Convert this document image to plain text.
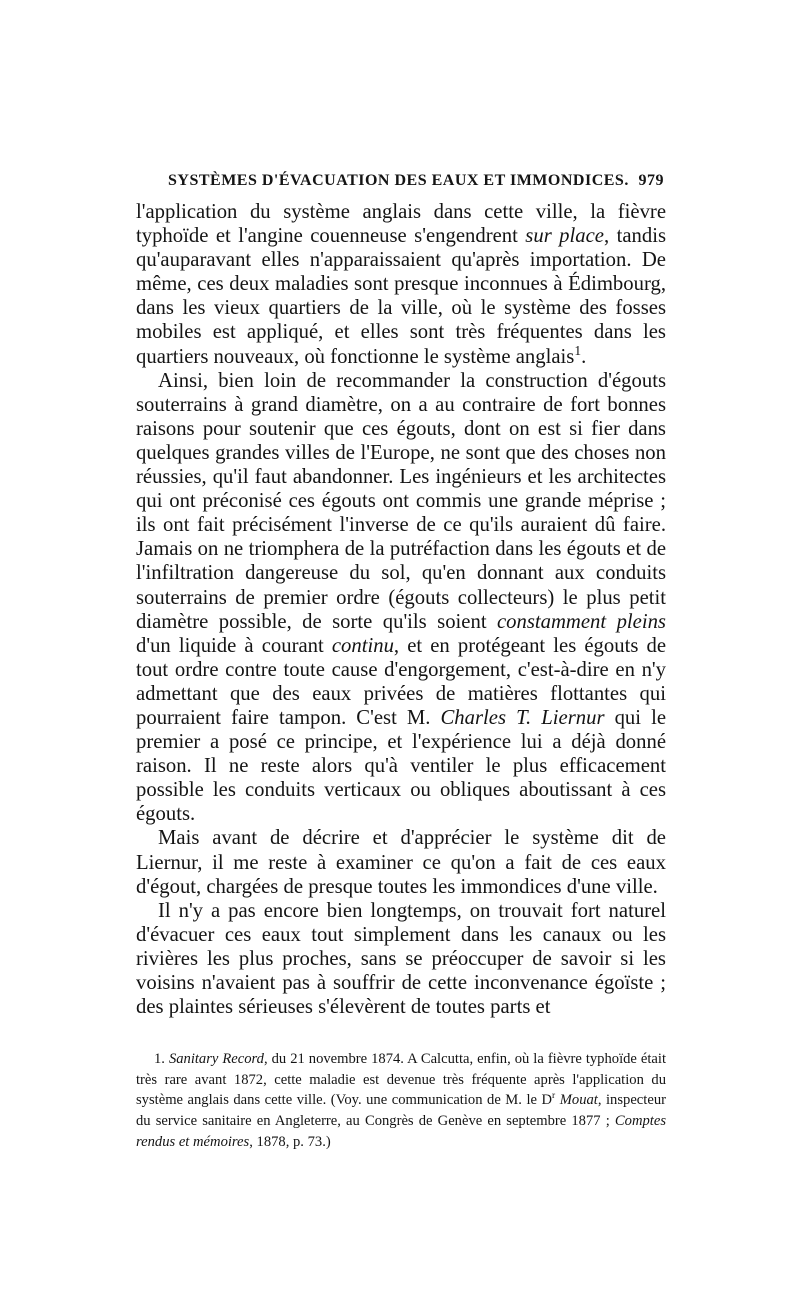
SYSTÈMES D'ÉVACUATION DES EAUX ET IMMONDICES. 979

l'application du système anglais dans cette ville, la fièvre typhoïde et l'angine couenneuse s'engendrent sur place, tandis qu'auparavant elles n'apparaissaient qu'après importation. De même, ces deux maladies sont presque inconnues à Édimbourg, dans les vieux quartiers de la ville, où le système des fosses mobiles est appliqué, et elles sont très fréquentes dans les quartiers nouveaux, où fonctionne le système anglais$^1$.

Ainsi, bien loin de recommander la construction d'égouts souterrains à grand diamètre, on a au contraire de fort bonnes raisons pour soutenir que ces égouts, dont on est si fier dans quelques grandes villes de l'Europe, ne sont que des choses non réussies, qu'il faut abandonner. Les ingénieurs et les architectes qui ont préconisé ces égouts ont commis une grande méprise ; ils ont fait précisément l'inverse de ce qu'ils auraient dû faire. Jamais on ne triomphera de la putréfaction dans les égouts et de l'infiltration dangereuse du sol, qu'en donnant aux conduits souterrains de premier ordre (égouts collecteurs) le plus petit diamètre possible, de sorte qu'ils soient constamment pleins d'un liquide à courant continu, et en protégeant les égouts de tout ordre contre toute cause d'engorgement, c'est-à-dire en n'y admettant que des eaux privées de matières flottantes qui pourraient faire tampon. C'est M. Charles T. Liernur qui le premier a posé ce principe, et l'expérience lui a déjà donné raison. Il ne reste alors qu'à ventiler le plus efficacement possible les conduits verticaux ou obliques aboutissant à ces égouts.

Mais avant de décrire et d'apprécier le système dit de Liernur, il me reste à examiner ce qu'on a fait de ces eaux d'égout, chargées de presque toutes les immondices d'une ville.

Il n'y a pas encore bien longtemps, on trouvait fort naturel d'évacuer ces eaux tout simplement dans les canaux ou les rivières les plus proches, sans se préoccuper de savoir si les voisins n'avaient pas à souffrir de cette inconvenance égoïste ; des plaintes sérieuses s'élevèrent de toutes parts et

1. Sanitary Record, du 21 novembre 1874. A Calcutta, enfin, où la fièvre typhoïde était très rare avant 1872, cette maladie est devenue très fréquente après l'application du système anglais dans cette ville. (Voy. une communication de M. le $D^r$ Mouat, inspecteur du service sanitaire en Angleterre, au Congrès de Genève en septembre 1877 ; Comptes rendus et mémoires, 1878, p. 73.)
